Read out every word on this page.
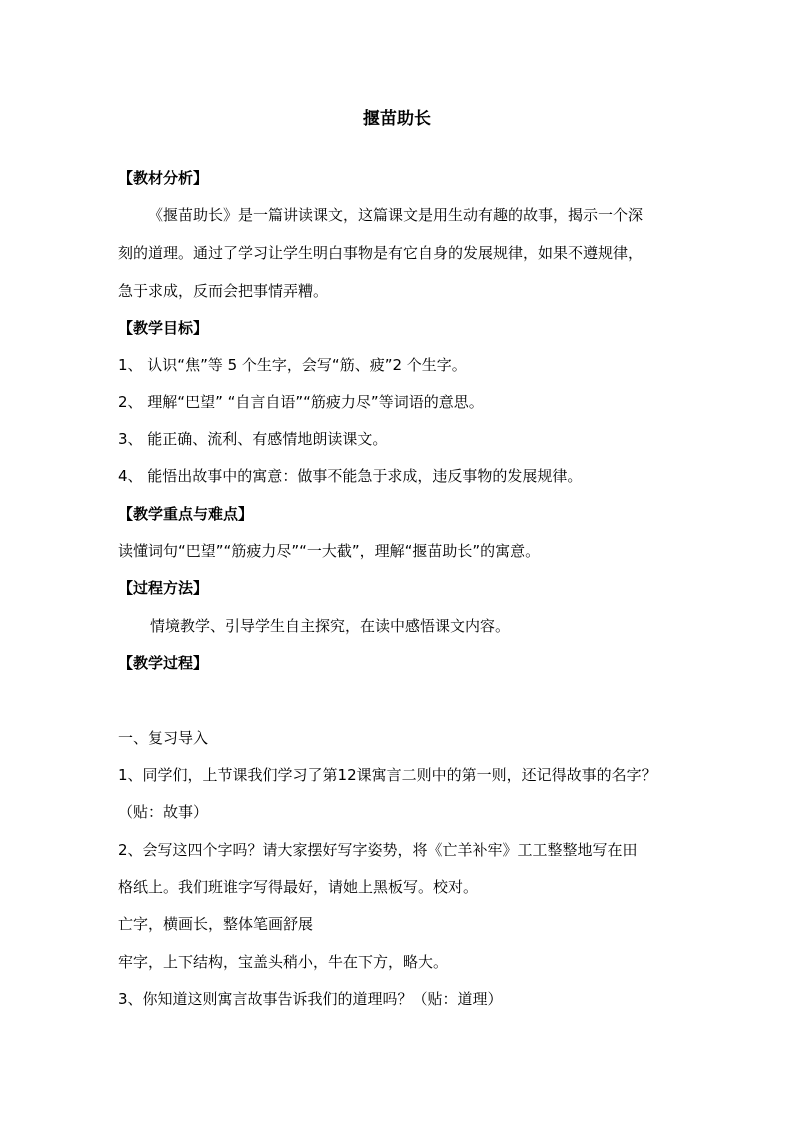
揠苗助长
【教材分析】
《揠苗助长》是一篇讲读课文，这篇课文是用生动有趣的故事，揭示一个深
刻的道理。通过了学习让学生明白事物是有它自身的发展规律，如果不遵规律，
急于求成，反而会把事情弄糟。
【教学目标】
1、 认识“焦”等 5 个生字，会写“筋、疲”2 个生字。
2、 理解“巴望” “自言自语”“筋疲力尽”等词语的意思。
3、 能正确、流利、有感情地朗读课文。
4、 能悟出故事中的寓意：做事不能急于求成，违反事物的发展规律。
【教学重点与难点】
读懂词句“巴望”“筋疲力尽”“一大截”，理解“揠苗助长”的寓意。
【过程方法】
情境教学、引导学生自主探究，在读中感悟课文内容。
【教学过程】
一、复习导入
1、同学们，上节课我们学习了第12课寓言二则中的第一则，还记得故事的名字？
（贴：故事）
2、会写这四个字吗？请大家摆好写字姿势，将《亡羊补牢》工工整整地写在田
格纸上。我们班谁字写得最好，请她上黑板写。校对。
亡字，横画长，整体笔画舒展
牢字，上下结构，宝盖头稍小，牛在下方，略大。
3、你知道这则寓言故事告诉我们的道理吗？（贴：道理）
